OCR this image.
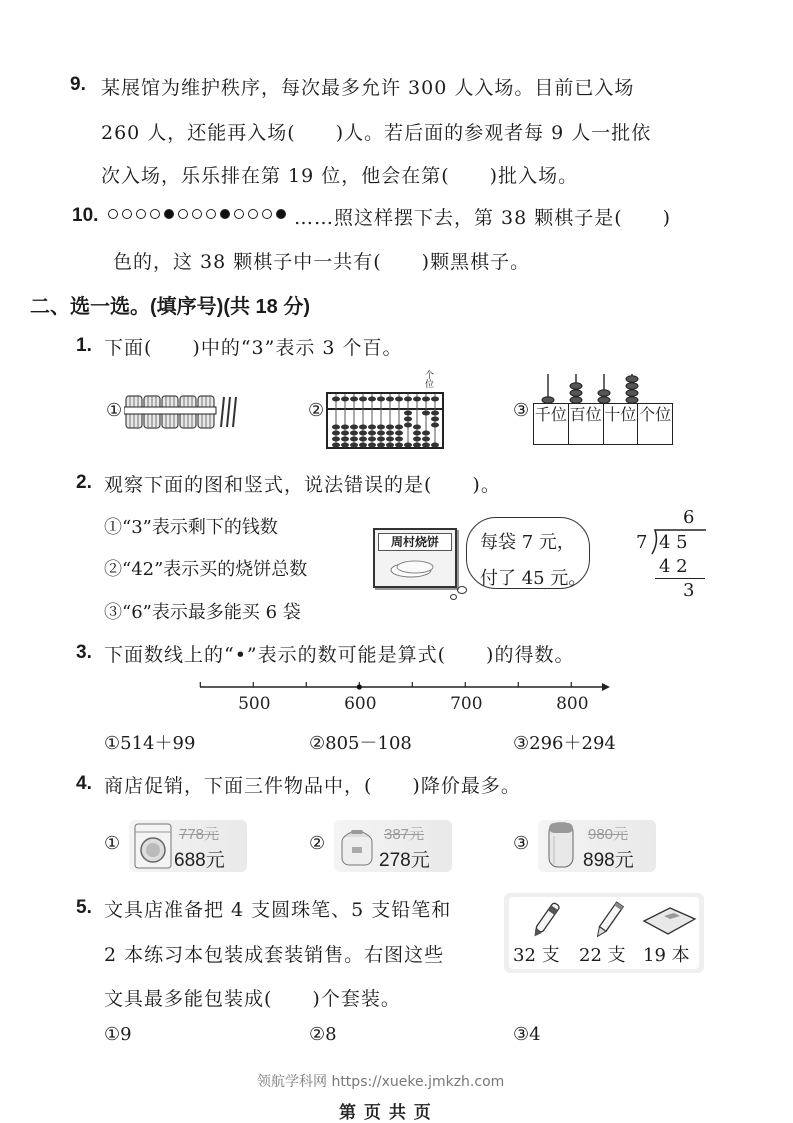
9. 某展馆为维护秩序，每次最多允许 300 人入场。目前已入场
260 人，还能再入场(　　)人。若后面的参观者每 9 人一批依
次入场，乐乐排在第 19 位，他会在第(　　)批入场。
10.	……照这样摆下去，第 38 颗棋子是(　　)
色的，这 38 颗棋子中一共有(　　)颗黑棋子。
二、选一选。(填序号)(共 18 分)
1. 下面(　　)中的“3”表示 3 个百。
①	②
个位
③ 千位 百位 十位 个位
2. 观察下面的图和竖式，说法错误的是(　　)。
①“3”表示剩下的钱数
②“42”表示买的烧饼总数
③“6”表示最多能买 6 袋
周村烧饼	每袋 7 元，
付了 45 元。
6
7 4 5
4 2
3
3. 下面数线上的“•”表示的数可能是算式(　　)的得数。
500	600	700	800
①514＋99	②805－108	③296＋294
4. 商店促销，下面三件物品中，(　　)降价最多。
①	778元
688元
②	387元
278元
③	980元
898元
5. 文具店准备把 4 支圆珠笔、5 支铅笔和
2 本练习本包装成套装销售。右图这些
文具最多能包装成(　　)个套装。
32 支 22 支 19 本
①9	②8	③4
领航学科网 https://xueke.jmkzh.com
第 页 共 页
